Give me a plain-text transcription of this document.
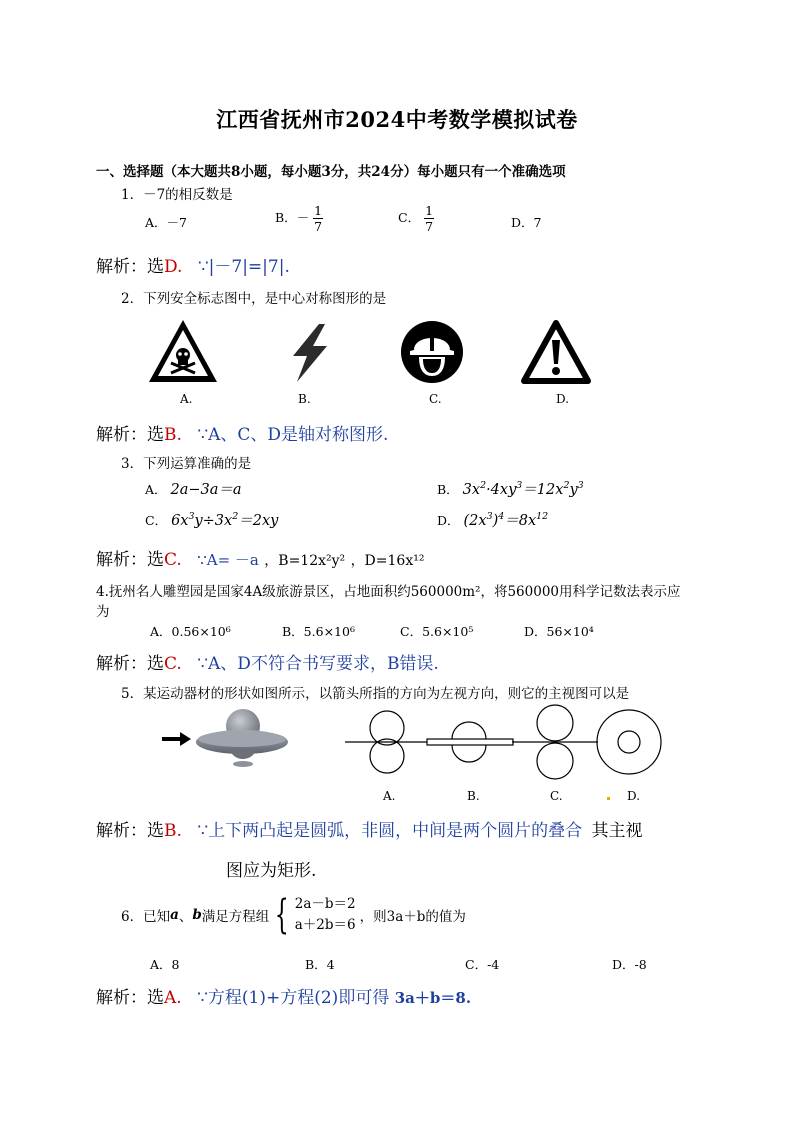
江西省抚州市2024中考数学模拟试卷
一、选择题（本大题共8小题，每小题3分，共24分）每小题只有一个准确选项
1．－7的相反数是
A．－7	B．－ $\frac{1}{7}$	C． $\frac{1}{7}$	D．7
解析：选D. ∵|－7|=|7|.
2．下列安全标志图中，是中心对称图形的是
A.	B.	C.	D.
解析：选B. ∵A、C、D是轴对称图形.
3．下列运算准确的是
A． 2a−3a＝a	B． $3x^2\cdot 4xy^3=12x^2y^3$
C． $6x^3y\div 3x^2=2xy$	D． $(2x^3)^4=8x^{12}$
解析：选C. ∵A= －a ，B=12x²y² ，D=16x¹²
4.抚州名人雕塑园是国家4A级旅游景区，占地面积约560000m²，将560000用科学记数法表示应
为
A．0.56×10⁶	B．5.6×10⁶	C．5.6×10⁵	D．56×10⁴
解析：选C. ∵A、D不符合书写要求，B错误.
5．某运动器材的形状如图所示，以箭头所指的方向为左视方向，则它的主视图可以是
A.	B.	C.	D.
解析：选B. ∵上下两凸起是圆弧，非圆，中间是两个圆片的叠合 其主视
图应为矩形.
6．已知 a 、 b 满足方程组 { 2a－b＝2
a＋2b＝6 ，则3a＋b的值为
A．8	B．4	C．-4	D．-8
解析：选A. ∵方程(1)+方程(2)即可得 3a＋b＝8.
